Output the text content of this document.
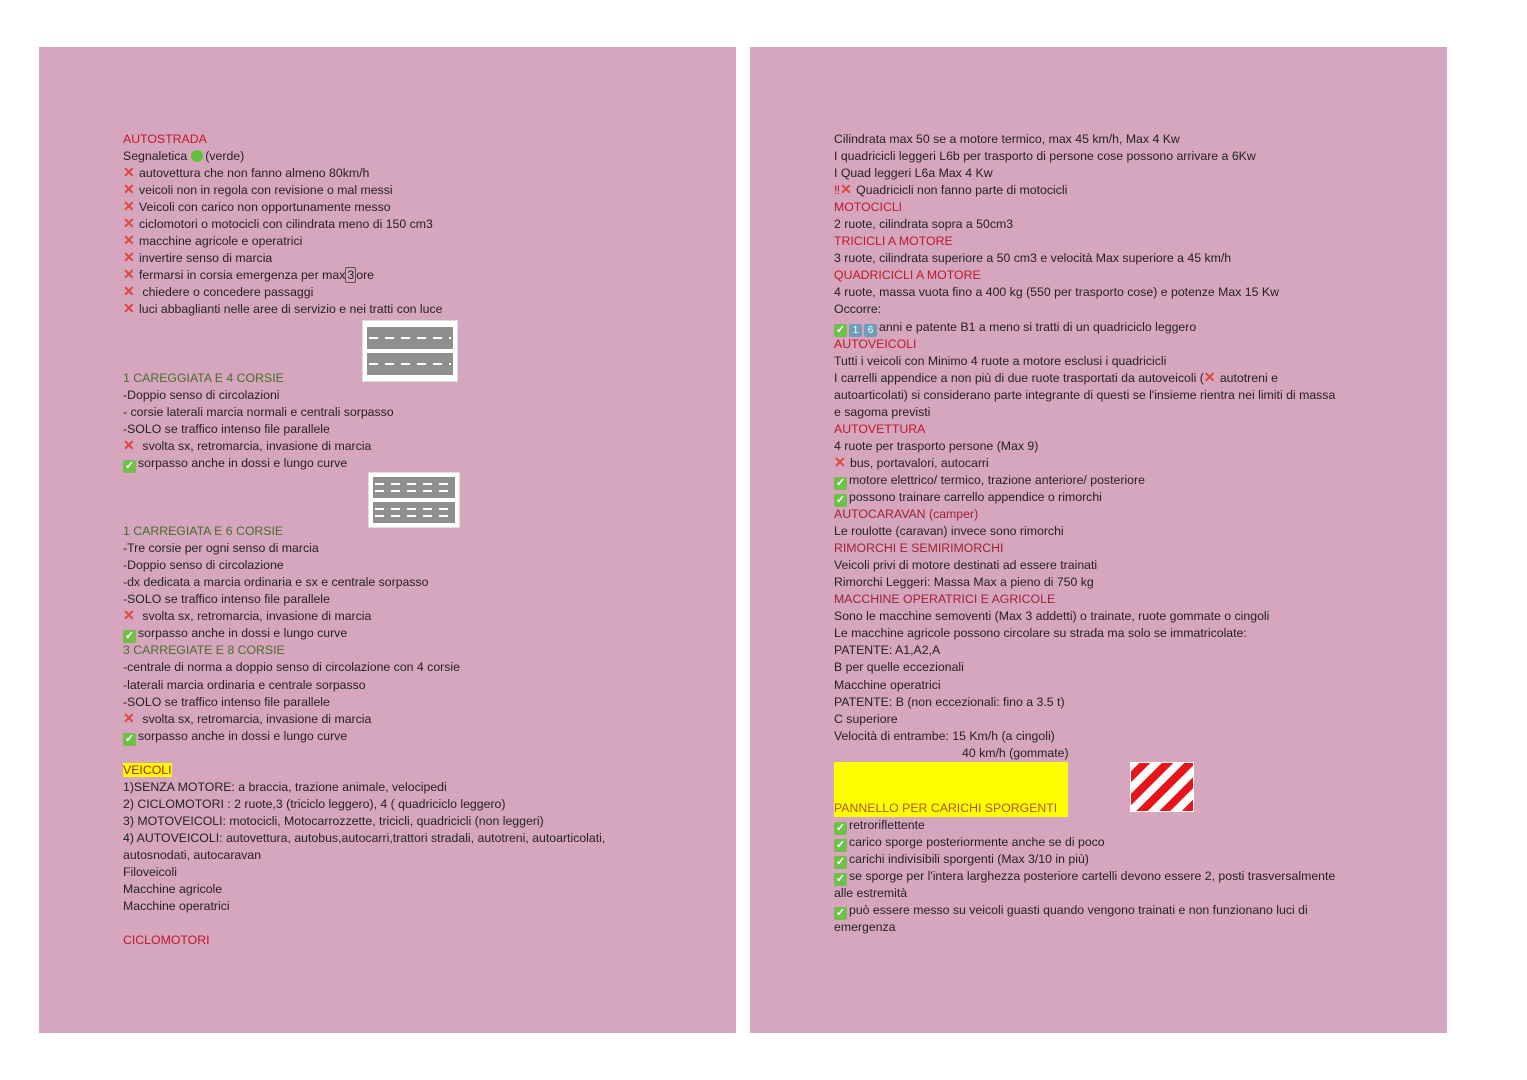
AUTOSTRADA
Segnaletica (verde)
✕ autovettura che non fanno almeno 80km/h
✕ veicoli non in regola con revisione o mal messi
✕ Veicoli con carico non opportunamente messo
✕ ciclomotori o motocicli con cilindrata meno di 150 cm3
✕ macchine agricole e operatrici
✕ invertire senso di marcia
✕ fermarsi in corsia emergenza per max 3 ore
✕ chiedere o concedere passaggi
✕ luci abbaglianti nelle aree di servizio e nei tratti con luce
1 CAREGGIATA E 4 CORSIE
-Doppio senso di circolazioni
- corsie laterali marcia normali e centrali sorpasso
-SOLO se traffico intenso file parallele
✕ svolta sx, retromarcia, invasione di marcia
✓ sorpasso anche in dossi e lungo curve
1 CARREGIATA E 6 CORSIE
-Tre corsie per ogni senso di marcia
-Doppio senso di circolazione
-dx dedicata a marcia ordinaria e sx e centrale sorpasso
-SOLO se traffico intenso file parallele
✕ svolta sx, retromarcia, invasione di marcia
✓ sorpasso anche in dossi e lungo curve
3 CARREGIATE E 8 CORSIE
-centrale di norma a doppio senso di circolazione con 4 corsie
-laterali marcia ordinaria e centrale sorpasso
-SOLO se traffico intenso file parallele
✕ svolta sx, retromarcia, invasione di marcia
✓ sorpasso anche in dossi e lungo curve
VEICOLI
1)SENZA MOTORE: a braccia, trazione animale, velocipedi
2) CICLOMOTORI : 2 ruote,3 (triciclo leggero), 4 ( quadriciclo leggero)
3) MOTOVEICOLI: motocicli, Motocarrozzette, tricicli, quadricicli (non leggeri)
4) AUTOVEICOLI: autovettura, autobus,autocarri,trattori stradali, autotreni, autoarticolati,
autosnodati, autocaravan
Filoveicoli
Macchine agricole
Macchine operatrici
CICLOMOTORI
Cilindrata max 50 se a motore termico, max 45 km/h, Max 4 Kw
I quadricicli leggeri L6b per trasporto di persone cose possono arrivare a 6Kw
I Quad leggeri L6a Max 4 Kw
‼✕ Quadricicli non fanno parte di motocicli
MOTOCICLI
2 ruote, cilindrata sopra a 50cm3
TRICICLI A MOTORE
3 ruote, cilindrata superiore a 50 cm3 e velocità Max superiore a 45 km/h
QUADRICICLI A MOTORE
4 ruote, massa vuota fino a 400 kg (550 per trasporto cose) e potenze Max 15 Kw
Occorre:
✓ 1 6 anni e patente B1 a meno si tratti di un quadriciclo leggero
AUTOVEICOLI
Tutti i veicoli con Minimo 4 ruote a motore esclusi i quadricicli
I carrelli appendice a non più di due ruote trasportati da autoveicoli (✕ autotreni e
autoarticolati) si considerano parte integrante di questi se l'insieme rientra nei limiti di massa
e sagoma previsti
AUTOVETTURA
4 ruote per trasporto persone (Max 9)
✕ bus, portavalori, autocarri
✓ motore elettrico/ termico, trazione anteriore/ posteriore
✓ possono trainare carrello appendice o rimorchi
AUTOCARAVAN (camper)
Le roulotte (caravan) invece sono rimorchi
RIMORCHI E SEMIRIMORCHI
Veicoli privi di motore destinati ad essere trainati
Rimorchi Leggeri: Massa Max a pieno di 750 kg
MACCHINE OPERATRICI E AGRICOLE
Sono le macchine semoventi (Max 3 addetti) o trainate, ruote gommate o cingoli
Le macchine agricole possono circolare su strada ma solo se immatricolate:
PATENTE: A1,A2,A
B per quelle eccezionali
Macchine operatrici
PATENTE: B (non eccezionali: fino a 3.5 t)
C superiore
Velocità di entrambe: 15 Km/h (a cingoli)
40 km/h (gommate)
PANNELLO PER CARICHI SPORGENTI
✓ retroriflettente
✓ carico sporge posteriormente anche se di poco
✓ carichi indivisibili sporgenti (Max 3/10 in più)
✓ se sporge per l'intera larghezza posteriore cartelli devono essere 2, posti trasversalmente
alle estremità
✓ può essere messo su veicoli guasti quando vengono trainati e non funzionano luci di
emergenza
